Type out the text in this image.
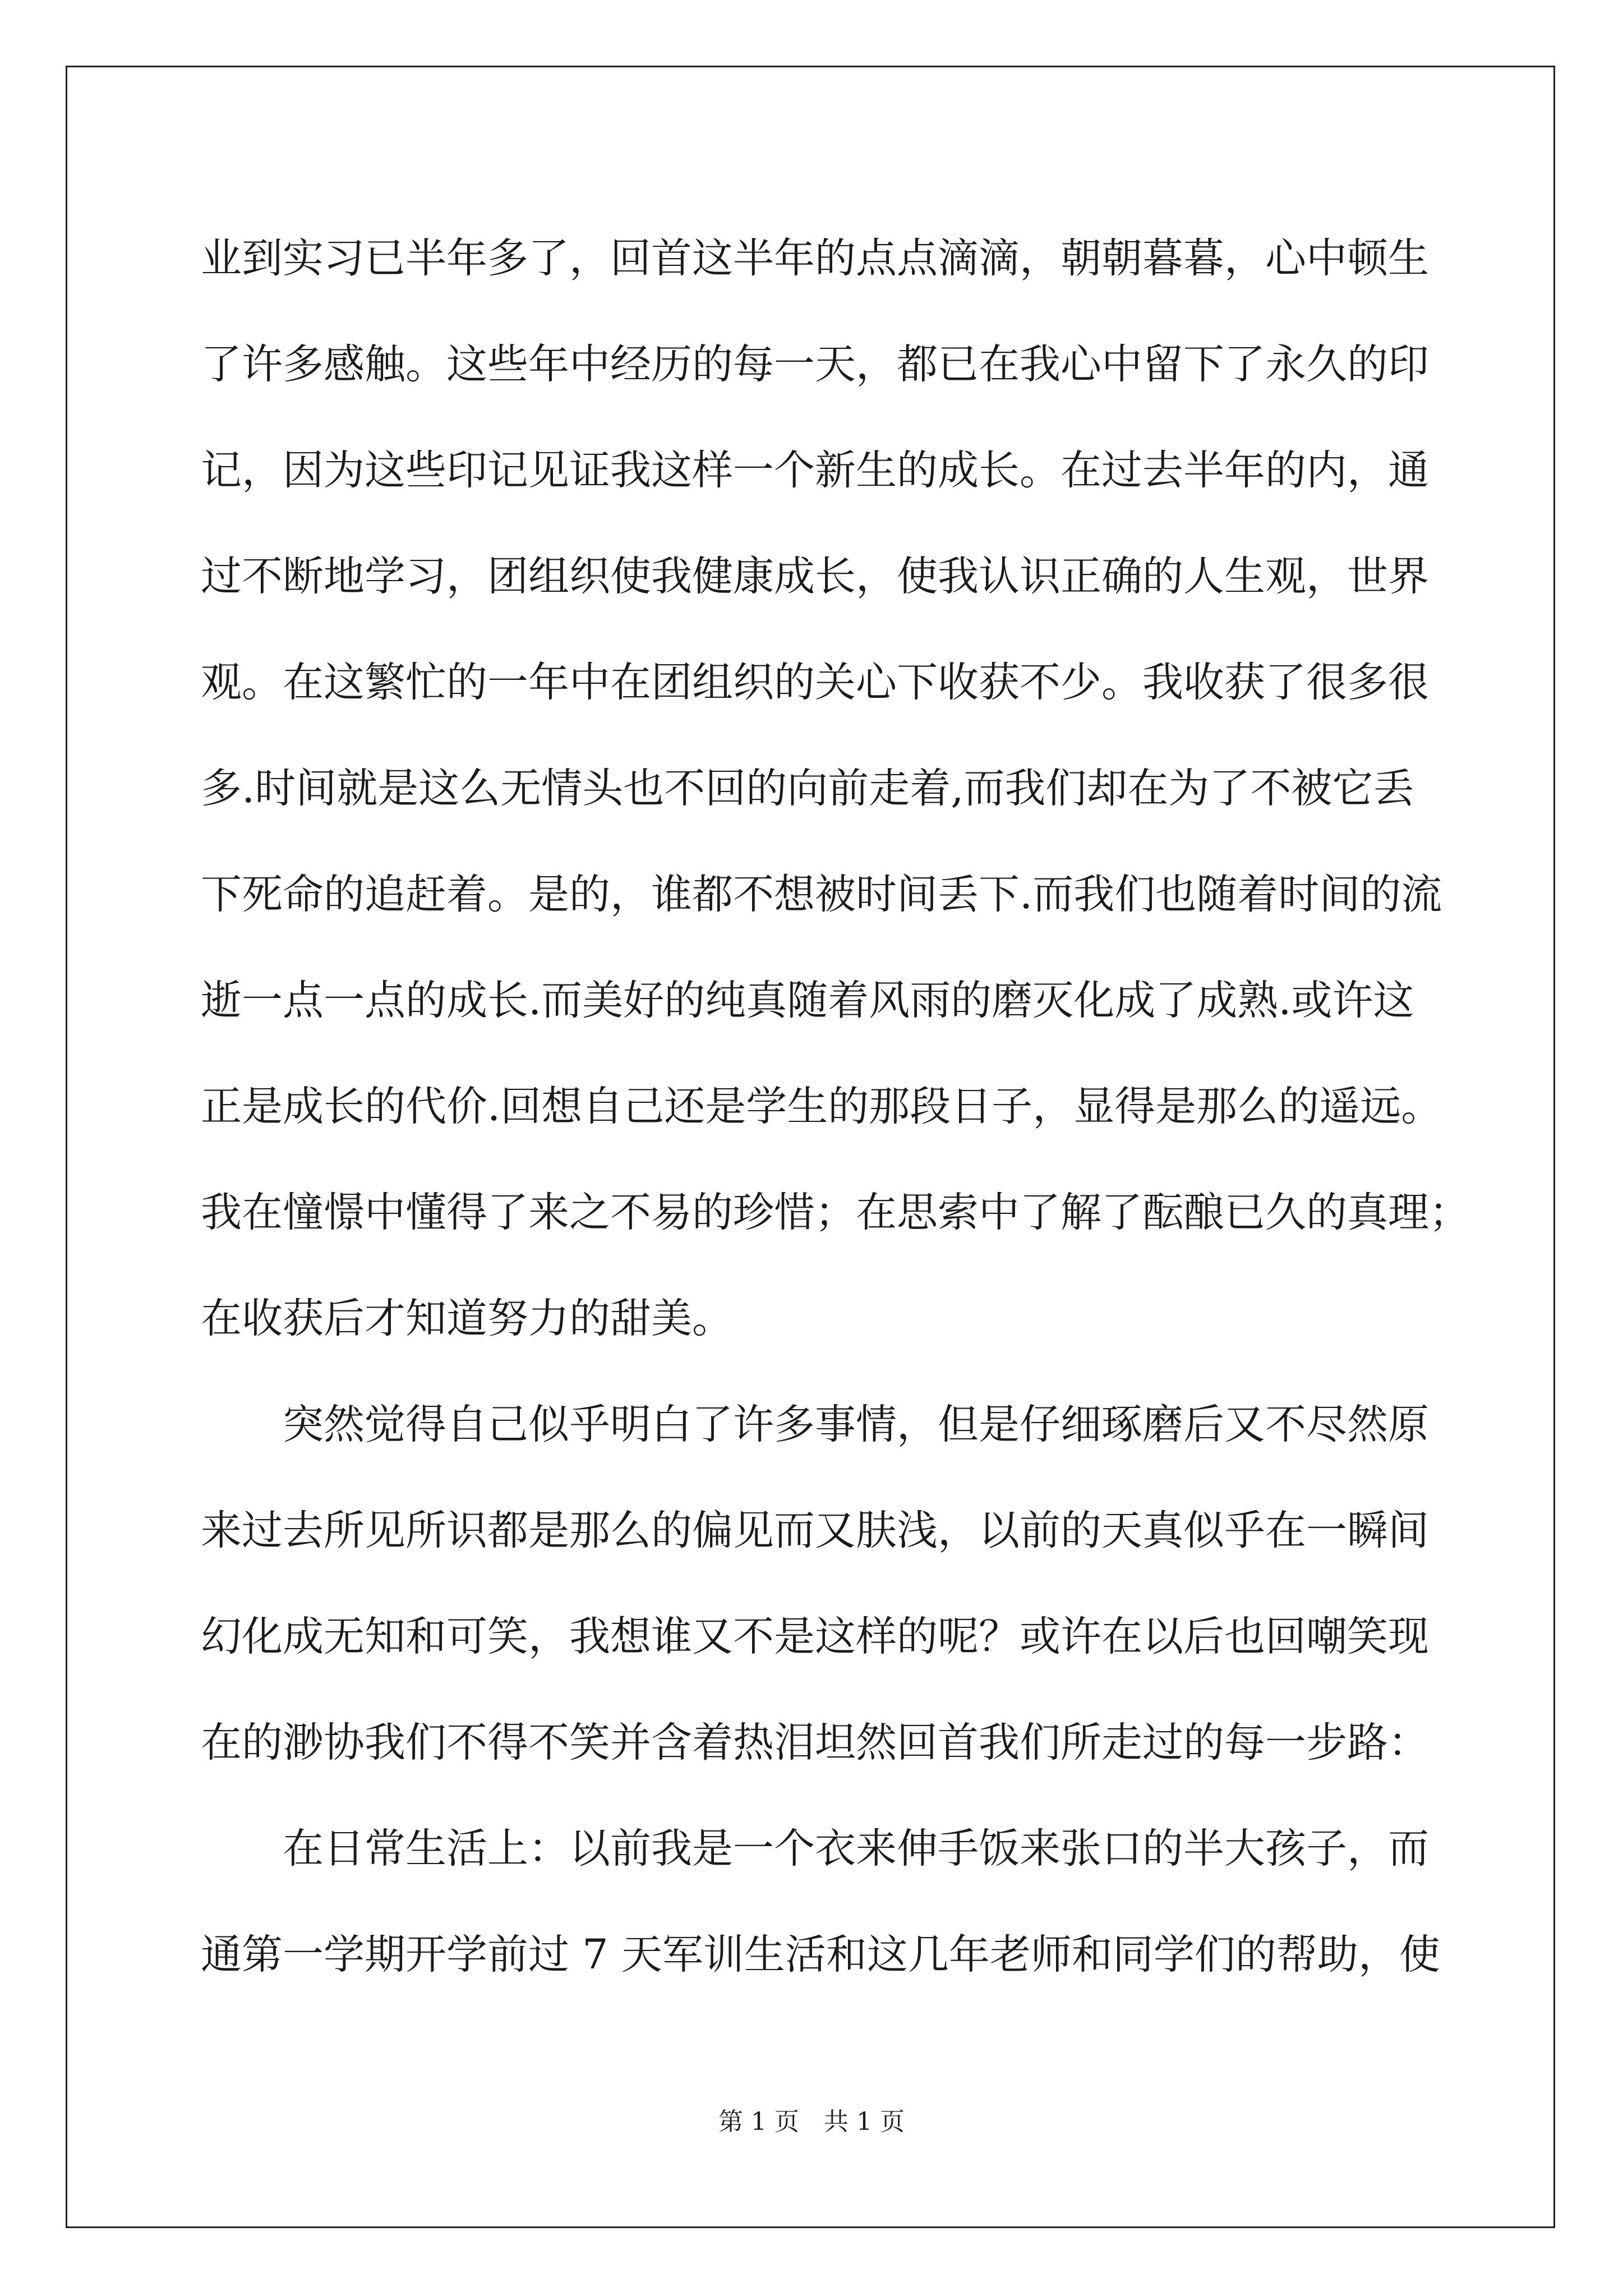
业到实习已半年多了，回首这半年的点点滴滴，朝朝暮暮，心中顿生
了许多感触。这些年中经历的每一天，都已在我心中留下了永久的印
记，因为这些印记见证我这样一个新生的成长。在过去半年的内，通
过不断地学习，团组织使我健康成长，使我认识正确的人生观，世界
观。在这繁忙的一年中在团组织的关心下收获不少。我收获了很多很
多.时间就是这么无情头也不回的向前走着,而我们却在为了不被它丢
下死命的追赶着。是的，谁都不想被时间丢下.而我们也随着时间的流
逝一点一点的成长.而美好的纯真随着风雨的磨灭化成了成熟.或许这
正是成长的代价.回想自己还是学生的那段日子，显得是那么的遥远。
我在憧憬中懂得了来之不易的珍惜；在思索中了解了酝酿已久的真理；
在收获后才知道努力的甜美。
突然觉得自己似乎明白了许多事情，但是仔细琢磨后又不尽然原
来过去所见所识都是那么的偏见而又肤浅，以前的天真似乎在一瞬间
幻化成无知和可笑，我想谁又不是这样的呢？或许在以后也回嘲笑现
在的渺协我们不得不笑并含着热泪坦然回首我们所走过的每一步路：
在日常生活上：以前我是一个衣来伸手饭来张口的半大孩子，而
通第一学期开学前过 7 天军训生活和这几年老师和同学们的帮助，使
第 1 页 共 1 页
